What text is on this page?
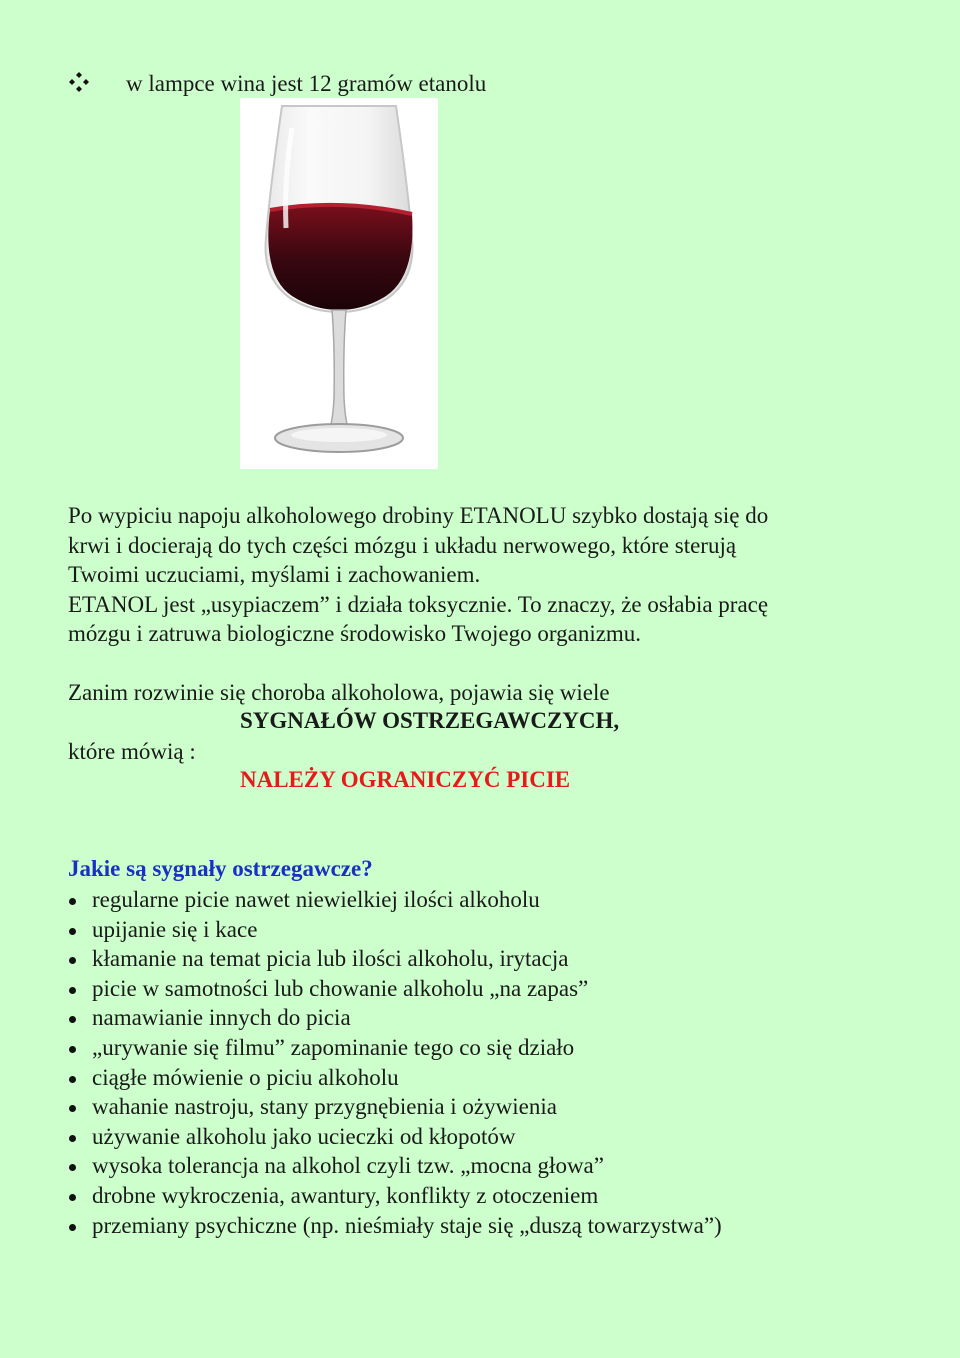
w lampce wina jest 12 gramów etanolu

Po wypiciu napoju alkoholowego drobiny ETANOLU szybko dostają się do

krwi i docierają do tych części mózgu i układu nerwowego, które sterują

Twoimi uczuciami, myślami i zachowaniem.

ETANOL jest „usypiaczem” i działa toksycznie. To znaczy, że osłabia pracę

mózgu i zatruwa biologiczne środowisko Twojego organizmu.

Zanim rozwinie się choroba alkoholowa, pojawia się wiele

SYGNAŁÓW OSTRZEGAWCZYCH,

które mówią :

NALEŻY OGRANICZYĆ PICIE
Jakie są sygnały ostrzegawcze?
regularne picie nawet niewielkiej ilości alkoholu
upijanie się i kace
kłamanie na temat picia lub ilości alkoholu, irytacja
picie w samotności lub chowanie alkoholu „na zapas”
namawianie innych do picia
„urywanie się filmu” zapominanie tego co się działo
ciągłe mówienie o piciu alkoholu
wahanie nastroju, stany przygnębienia i ożywienia
używanie alkoholu jako ucieczki od kłopotów
wysoka tolerancja na alkohol czyli tzw. „mocna głowa”
drobne wykroczenia, awantury, konflikty z otoczeniem
przemiany psychiczne (np. nieśmiały staje się „duszą towarzystwa”)
